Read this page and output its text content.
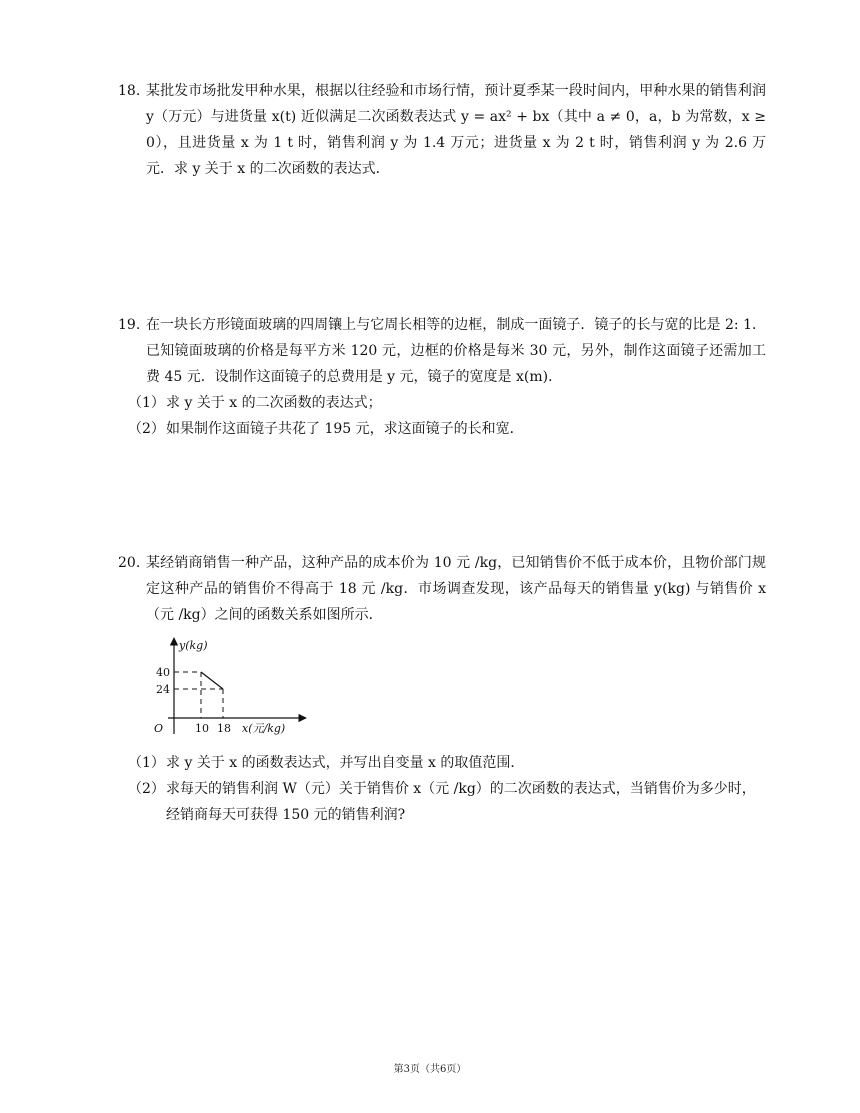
18. 某批发市场批发甲种水果，根据以往经验和市场行情，预计夏季某一段时间内，甲种水果的销售利润 y（万元）与进货量 x(t) 近似满足二次函数表达式 y = ax² + bx（其中 a ≠ 0，a，b 为常数，x ≥ 0），且进货量 x 为 1 t 时，销售利润 y 为 1.4 万元；进货量 x 为 2 t 时，销售利润 y 为 2.6 万元．求 y 关于 x 的二次函数的表达式．

19. 在一块长方形镜面玻璃的四周镶上与它周长相等的边框，制成一面镜子．镜子的长与宽的比是 2: 1．已知镜面玻璃的价格是每平方米 120 元，边框的价格是每米 30 元，另外，制作这面镜子还需加工费 45 元．设制作这面镜子的总费用是 y 元，镜子的宽度是 x(m)．

（1） 求 y 关于 x 的二次函数的表达式；
（2） 如果制作这面镜子共花了 195 元，求这面镜子的长和宽．
20. 某经销商销售一种产品，这种产品的成本价为 10 元 /kg，已知销售价不低于成本价，且物价部门规定这种产品的销售价不得高于 18 元 /kg．市场调查发现，该产品每天的销售量 y(kg) 与销售价 x（元 /kg）之间的函数关系如图所示．

y(kg)
40
24
O	10 18 x(元/kg)
（1） 求 y 关于 x 的函数表达式，并写出自变量 x 的取值范围．
（2） 求每天的销售利润 W（元）关于销售价 x（元 /kg）的二次函数的表达式，当销售价为多少时，经销商每天可获得 150 元的销售利润?
第3页（共6页）
